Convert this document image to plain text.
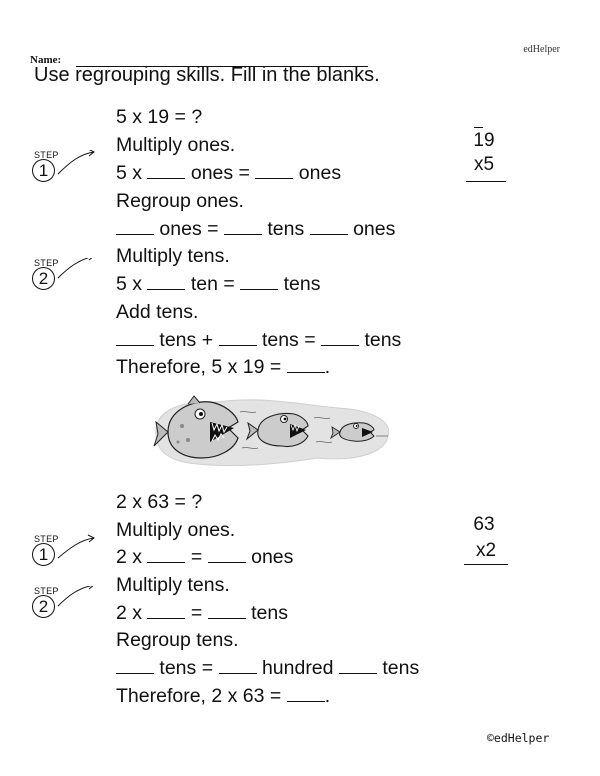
edHelper
Name:
Use regrouping skills. Fill in the blanks.
5 x 19 = ?
19
x5
Multiply ones.
STEP
1	5 x	ones =	ones
Regroup ones.
ones =	tens	ones
Multiply tens.
STEP
2	5 x	ten =	tens
Add tens.
tens +	tens =	tens
Therefore, 5 x 19 = .
2 x 63 = ?
63
x2
Multiply ones.
STEP
1	2 x	=	ones
Multiply tens.
STEP
2	2 x	=	tens
Regroup tens.
tens =	hundred	tens
Therefore, 2 x 63 = .
©edHelper
